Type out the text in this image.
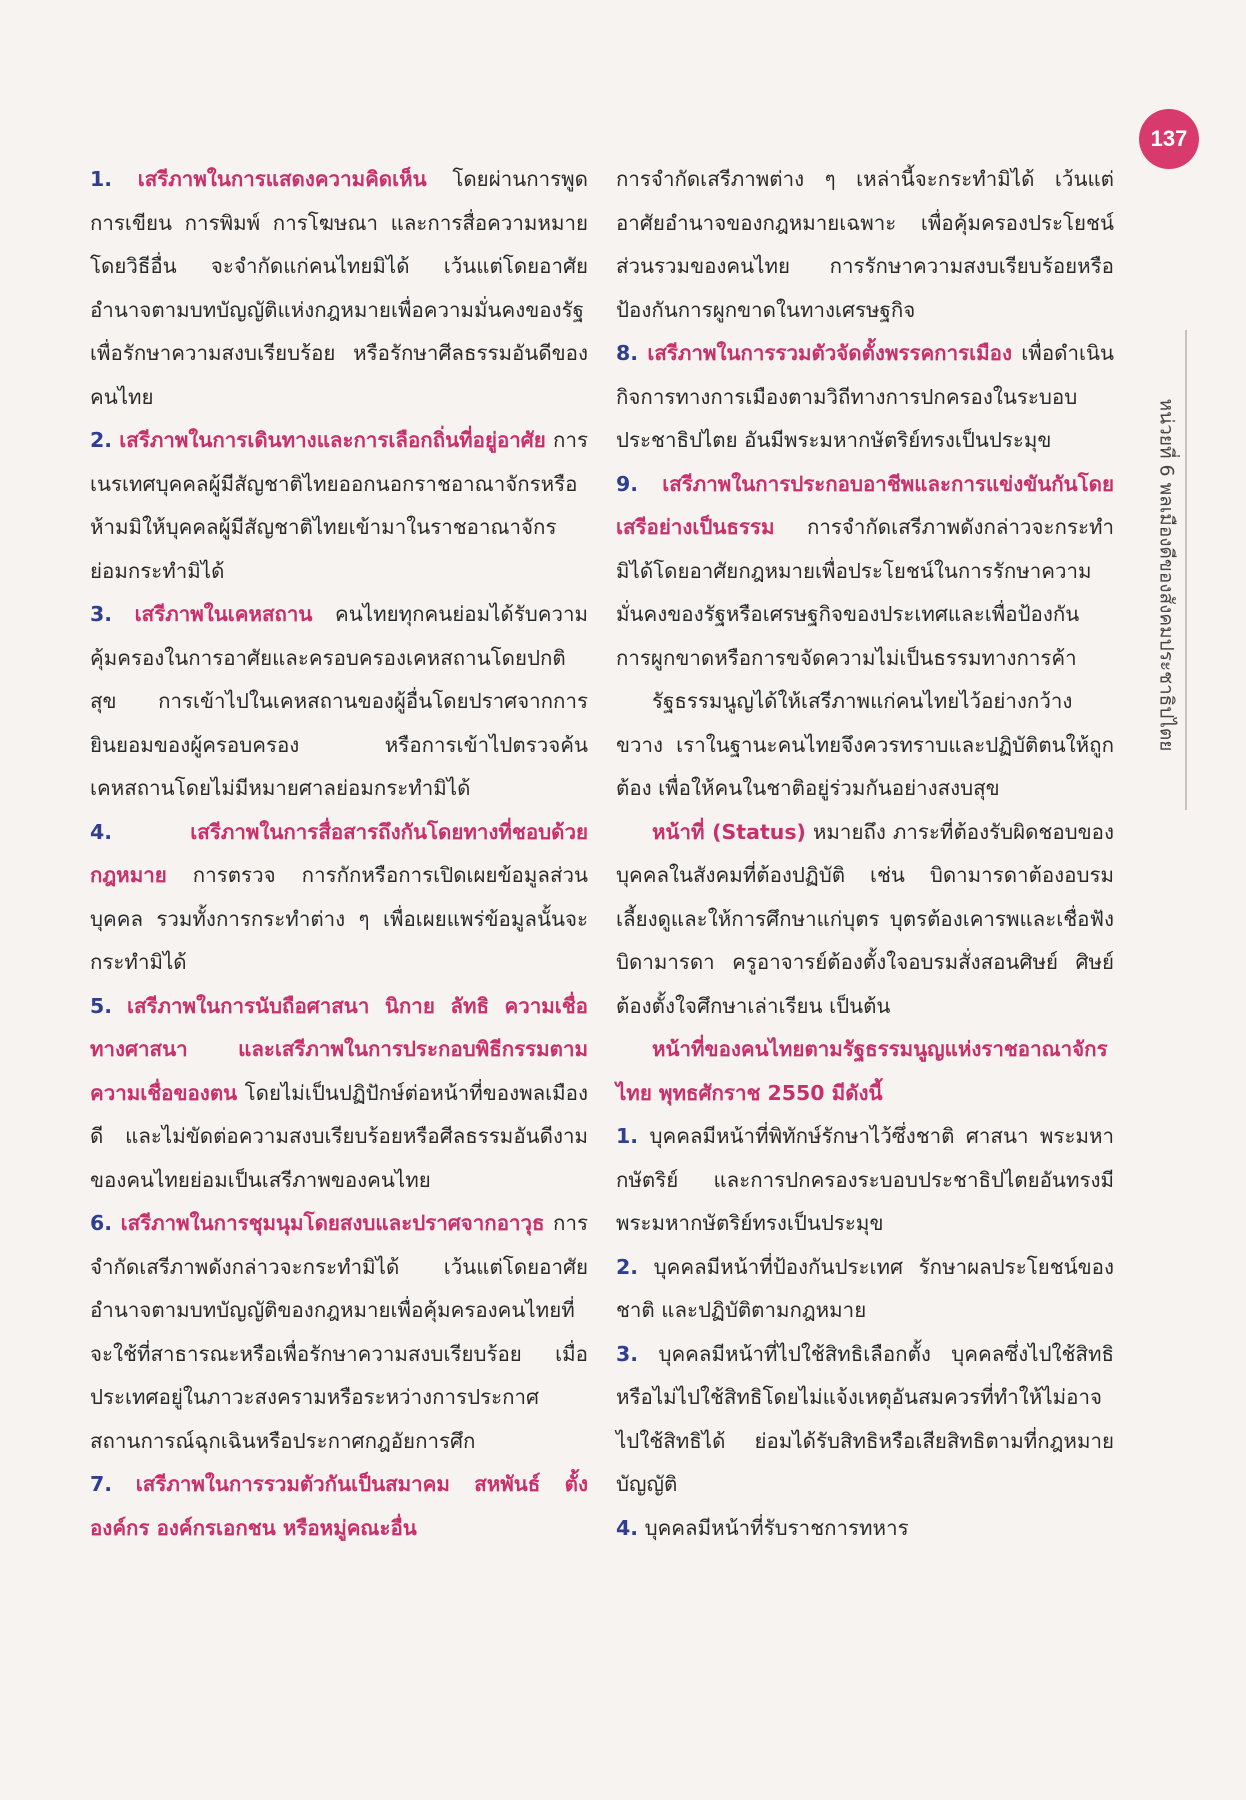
137
หน่วยที่ 6 พลเมืองดีของสังคมประชาธิปไตย

1. เสรีภาพในการแสดงความคิดเห็น โดยผ่านการพูด การเขียน การพิมพ์ การโฆษณา และการสื่อความหมายโดยวิธีอื่น จะจำกัดแก่คนไทยมิได้ เว้นแต่โดยอาศัยอำนาจตามบทบัญญัติแห่งกฎหมายเพื่อความมั่นคงของรัฐ เพื่อรักษาความสงบเรียบร้อย หรือรักษาศีลธรรมอันดีของคนไทย

2. เสรีภาพในการเดินทางและการเลือกถิ่นที่อยู่อาศัย การเนรเทศบุคคลผู้มีสัญชาติไทยออกนอกราชอาณาจักรหรือห้ามมิให้บุคคลผู้มีสัญชาติไทยเข้ามาในราชอาณาจักรย่อมกระทำมิได้

3. เสรีภาพในเคหสถาน คนไทยทุกคนย่อมได้รับความคุ้มครองในการอาศัยและครอบครองเคหสถานโดยปกติสุข การเข้าไปในเคหสถานของผู้อื่นโดยปราศจากการยินยอมของผู้ครอบครอง หรือการเข้าไปตรวจค้นเคหสถานโดยไม่มีหมายศาลย่อมกระทำมิได้

4.	เสรีภาพในการสื่อสารถึงกันโดยทางที่ชอบด้วยกฎหมาย การตรวจ การกักหรือการเปิดเผยข้อมูลส่วนบุคคล รวมทั้งการกระทำต่าง ๆ เพื่อเผยแพร่ข้อมูลนั้นจะกระทำมิได้

5. เสรีภาพในการนับถือศาสนา นิกาย ลัทธิ ความเชื่อทางศาสนา และเสรีภาพในการประกอบพิธีกรรมตามความเชื่อของตน โดยไม่เป็นปฏิปักษ์ต่อหน้าที่ของพลเมืองดี และไม่ขัดต่อความสงบเรียบร้อยหรือศีลธรรมอันดีงามของคนไทยย่อมเป็นเสรีภาพของคนไทย

6. เสรีภาพในการชุมนุมโดยสงบและปราศจากอาวุธ การจำกัดเสรีภาพดังกล่าวจะกระทำมิได้ เว้นแต่โดยอาศัยอำนาจตามบทบัญญัติของกฎหมายเพื่อคุ้มครองคนไทยที่จะใช้ที่สาธารณะหรือเพื่อรักษาความสงบเรียบร้อย เมื่อประเทศอยู่ในภาวะสงครามหรือระหว่างการประกาศสถานการณ์ฉุกเฉินหรือประกาศกฎอัยการศึก

7. เสรีภาพในการรวมตัวกันเป็นสมาคม สหพันธ์ ตั้งองค์กร องค์กรเอกชน หรือหมู่คณะอื่น

การจำกัดเสรีภาพต่าง ๆ เหล่านี้จะกระทำมิได้ เว้นแต่อาศัยอำนาจของกฎหมายเฉพาะ เพื่อคุ้มครองประโยชน์ส่วนรวมของคนไทย การรักษาความสงบเรียบร้อยหรือป้องกันการผูกขาดในทางเศรษฐกิจ

8. เสรีภาพในการรวมตัวจัดตั้งพรรคการเมือง เพื่อดำเนินกิจการทางการเมืองตามวิถีทางการปกครองในระบอบประชาธิปไตย อันมีพระมหากษัตริย์ทรงเป็นประมุข

9. เสรีภาพในการประกอบอาชีพและการแข่งขันกันโดยเสรีอย่างเป็นธรรม การจำกัดเสรีภาพดังกล่าวจะกระทำมิได้โดยอาศัยกฎหมายเพื่อประโยชน์ในการรักษาความมั่นคงของรัฐหรือเศรษฐกิจของประเทศและเพื่อป้องกันการผูกขาดหรือการขจัดความไม่เป็นธรรมทางการค้า

รัฐธรรมนูญได้ให้เสรีภาพแก่คนไทยไว้อย่างกว้างขวาง เราในฐานะคนไทยจึงควรทราบและปฏิบัติตนให้ถูกต้อง เพื่อให้คนในชาติอยู่ร่วมกันอย่างสงบสุข

หน้าที่ (Status) หมายถึง ภาระที่ต้องรับผิดชอบของบุคคลในสังคมที่ต้องปฏิบัติ เช่น บิดามารดาต้องอบรมเลี้ยงดูและให้การศึกษาแก่บุตร บุตรต้องเคารพและเชื่อฟังบิดามารดา ครูอาจารย์ต้องตั้งใจอบรมสั่งสอนศิษย์ ศิษย์ต้องตั้งใจศึกษาเล่าเรียน เป็นต้น

หน้าที่ของคนไทยตามรัฐธรรมนูญแห่งราชอาณาจักรไทย พุทธศักราช 2550 มีดังนี้

1. บุคคลมีหน้าที่พิทักษ์รักษาไว้ซึ่งชาติ ศาสนา พระมหากษัตริย์ และการปกครองระบอบประชาธิปไตยอันทรงมีพระมหากษัตริย์ทรงเป็นประมุข

2. บุคคลมีหน้าที่ป้องกันประเทศ รักษาผลประโยชน์ของชาติ และปฏิบัติตามกฎหมาย

3. บุคคลมีหน้าที่ไปใช้สิทธิเลือกตั้ง บุคคลซึ่งไปใช้สิทธิหรือไม่ไปใช้สิทธิโดยไม่แจ้งเหตุอันสมควรที่ทำให้ไม่อาจไปใช้สิทธิได้ ย่อมได้รับสิทธิหรือเสียสิทธิตามที่กฎหมายบัญญัติ

4. บุคคลมีหน้าที่รับราชการทหาร
